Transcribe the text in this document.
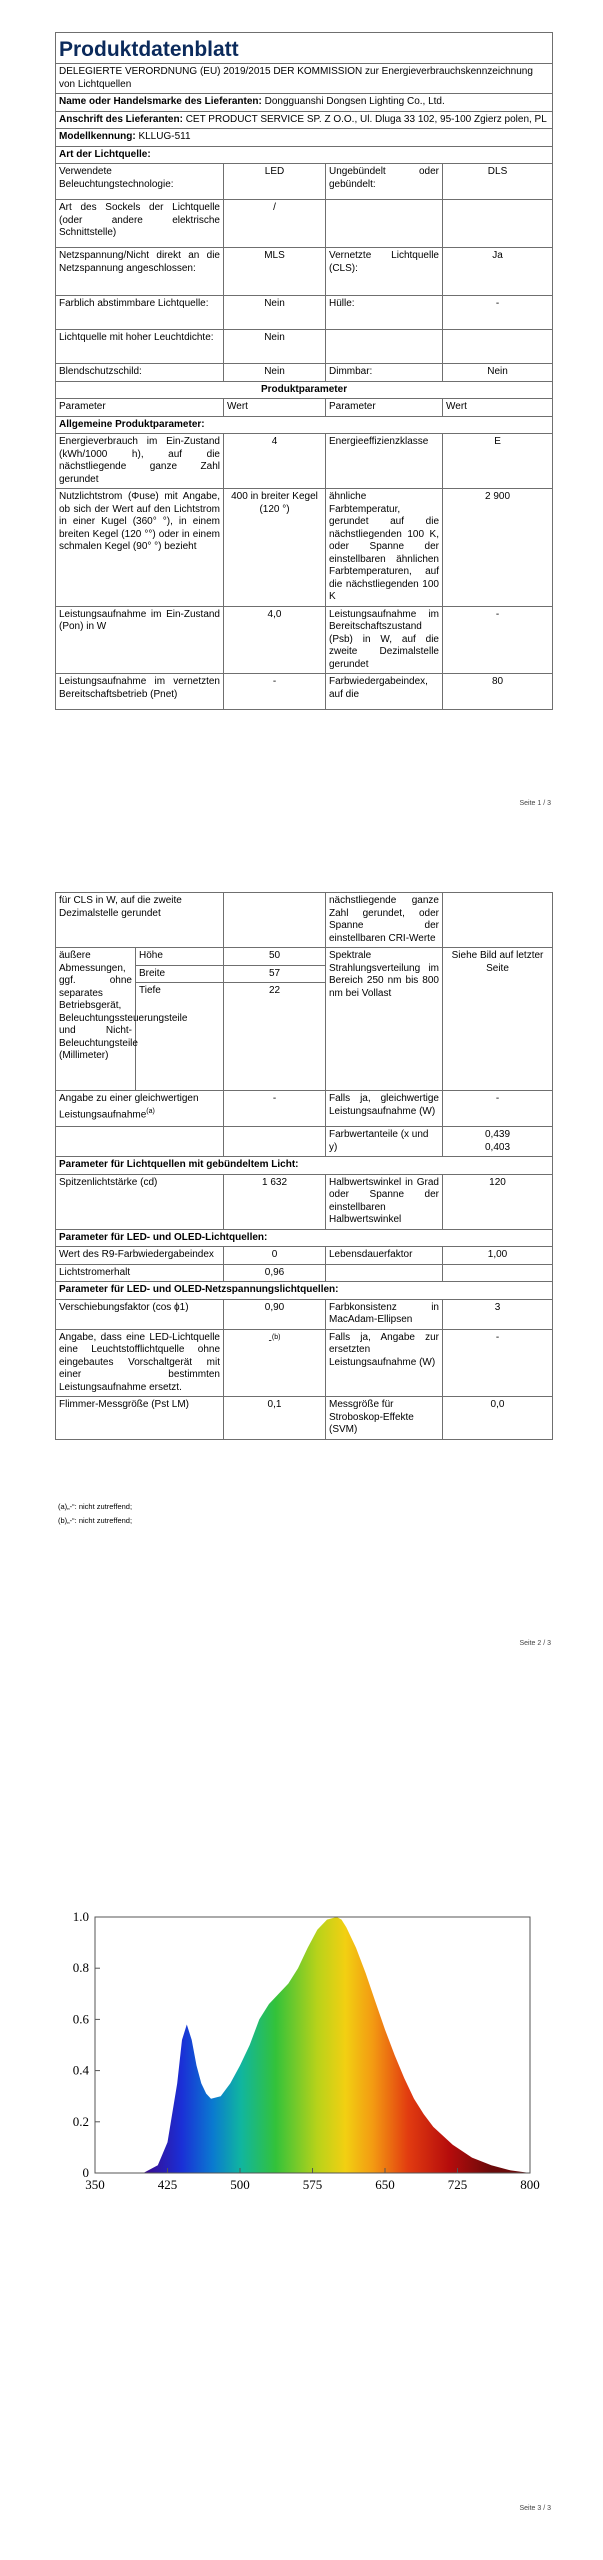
Produktdatenblatt			
DELEGIERTE VERORDNUNG (EU) 2019/2015 DER KOMMISSION zur Energieverbrauchskennzeichnung von Lichtquellen			
Name oder Handelsmarke des Lieferanten: Dongguanshi Dongsen Lighting Co., Ltd.			
Anschrift des Lieferanten: CET PRODUCT SERVICE SP. Z O.O., Ul. Dluga 33 102, 95-100 Zgierz polen, PL			
Modellkennung: KLLUG-511			
Art der Lichtquelle:			
Verwendete Beleuchtungstechnologie:	LED	Ungebündelt oder gebündelt:	DLS
Art des Sockels der Lichtquelle (oder andere elektrische Schnittstelle)	/		
Netzspannung/Nicht direkt an die Netzspannung angeschlossen:	MLS	Vernetzte Lichtquelle (CLS):	Ja
Farblich abstimmbare Lichtquelle:	Nein	Hülle:	-
Lichtquelle mit hoher Leuchtdichte:	Nein		
Blendschutzschild:	Nein	Dimmbar:	Nein
Produktparameter			
Parameter	Wert	Parameter	Wert
Allgemeine Produktparameter:			
Energieverbrauch im Ein-Zustand (kWh/1000 h), auf die nächstliegende ganze Zahl gerundet	4	Energieeffizienzklasse	E
Nutzlichtstrom (Φuse) mit Angabe, ob sich der Wert auf den Lichtstrom in einer Kugel (360° °), in einem breiten Kegel (120 °°) oder in einem schmalen Kegel (90° °) bezieht	400 in breiter Kegel (120 °)	ähnliche Farbtemperatur, gerundet auf die nächstliegenden 100 K, oder Spanne der einstellbaren ähnlichen Farbtemperaturen, auf die nächstliegenden 100 K	2 900
Leistungsaufnahme im Ein-Zustand (Pon) in W	4,0	Leistungsaufnahme im Bereitschaftszustand (Psb) in W, auf die zweite Dezimalstelle gerundet	-
Leistungsaufnahme im vernetzten Bereitschaftsbetrieb (Pnet)	-	Farbwiedergabeindex, auf die	80
Seite 1 / 3
Seite 2 / 3
für CLS in W, auf die zweite Dezimalstelle gerundet			nächstliegende ganze Zahl gerundet, oder Spanne der einstellbaren CRI-Werte	
äußere Abmessungen, ggf. ohne separates Betriebsgerät, Beleuchtungssteuerungsteile und Nicht-Beleuchtungsteile (Millimeter)	Höhe	50	Spektrale Strahlungsverteilung im Bereich 250 nm bis 800 nm bei Vollast	Siehe Bild auf letzter Seite
	Breite	57		
	Tiefe	22		
Angabe zu einer gleichwertigen Leistungsaufnahme$^{(a)}$		-	Falls ja, gleichwertige Leistungsaufnahme (W)	-
			Farbwertanteile (x und y)	0,439
0,403

Parameter für Lichtquellen mit gebündeltem Licht:				
Spitzenlichtstärke (cd)		1 632	Halbwertswinkel in Grad oder Spanne der einstellbaren Halbwertswinkel	120
Parameter für LED- und OLED-Lichtquellen:				
Wert des R9-Farbwiedergabeindex		0	Lebensdauerfaktor	1,00
Lichtstromerhalt		0,96		
Parameter für LED- und OLED-Netzspannungslichtquellen:				
Verschiebungsfaktor (cos ϕ1)		0,90	Farbkonsistenz in MacAdam-Ellipsen	3
Angabe, dass eine LED-Lichtquelle eine Leuchtstofflichtquelle ohne eingebautes Vorschaltgerät mit einer bestimmten Leistungsaufnahme ersetzt.		-$^{(b)}$	Falls ja, Angabe zur ersetzten Leistungsaufnahme (W)	-
Flimmer-Messgröße (Pst LM)		0,1	Messgröße für Stroboskop-Effekte (SVM)	0,0
(a)„-“: nicht zutreffend;
(b)„-“: nicht zutreffend;
Seite 3 / 3
0
0.2
0.4
0.6
0.8
1.0
350	425	500	575	650	725	800
